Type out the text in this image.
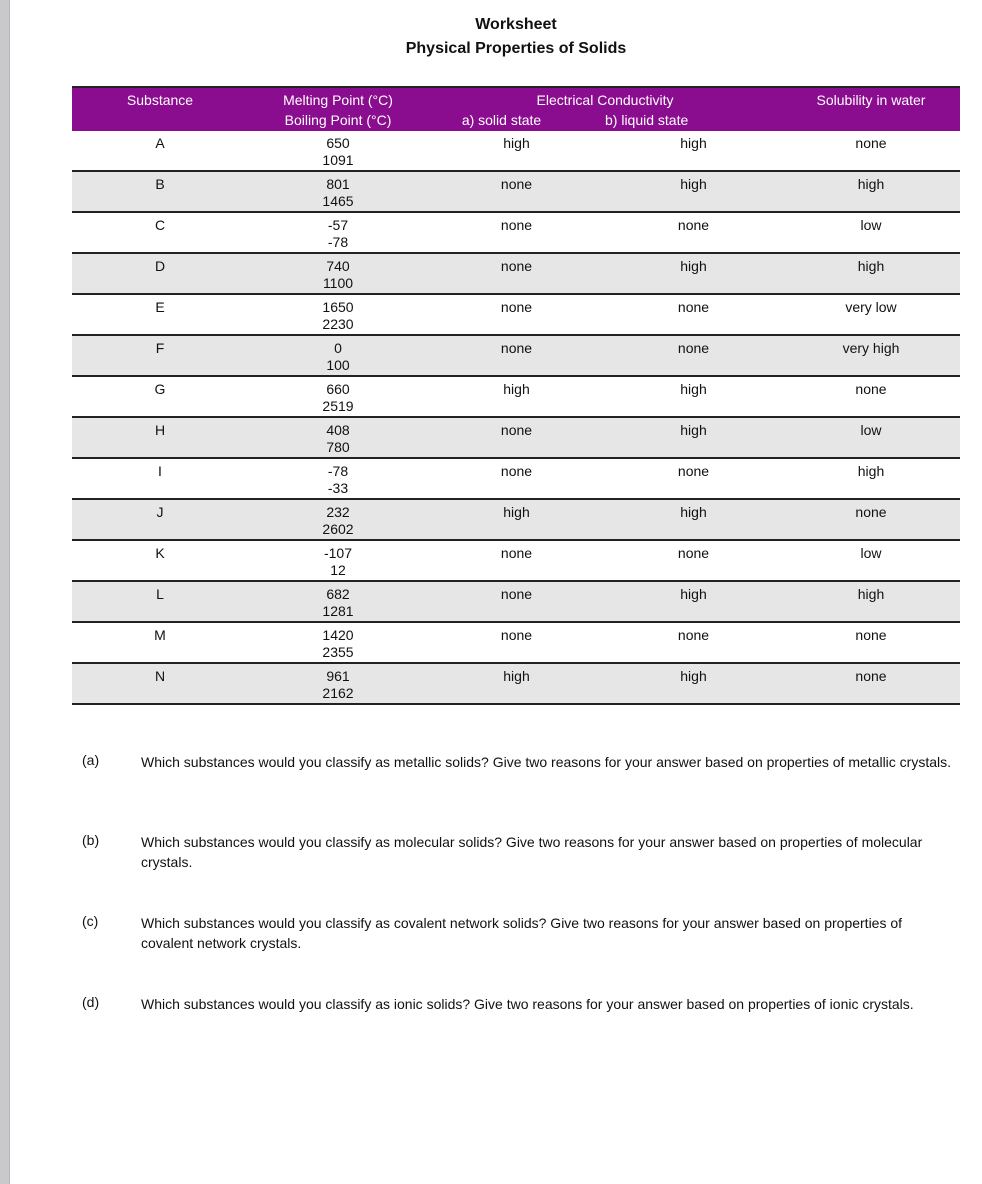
Worksheet
Physical Properties of Solids
Substance	Melting Point (°C)	Electrical Conductivity		Solubility in water
	Boiling Point (°C)	a) solid state	b) liquid state	
A	650	high	high	none
	1091			
B	801	none	high	high
	1465			
C	-57	none	none	low
	-78			
D	740	none	high	high
	1100			
E	1650	none	none	very low
	2230			
F	0	none	none	very high
	100			
G	660	high	high	none
	2519			
H	408	none	high	low
	780			
I	-78	none	none	high
	-33			
J	232	high	high	none
	2602			
K	-107	none	none	low
	12			
L	682	none	high	high
	1281			
M	1420	none	none	none
	2355			
N	961	high	high	none
	2162			
(a)	Which substances would you classify as metallic solids? Give two reasons for your answer based on properties of metallic crystals.
(b)	Which substances would you classify as molecular solids? Give two reasons for your answer based on properties of molecular crystals.
(c)	Which substances would you classify as covalent network solids? Give two reasons for your answer based on properties of covalent network crystals.
(d)	Which substances would you classify as ionic solids? Give two reasons for your answer based on properties of ionic crystals.
